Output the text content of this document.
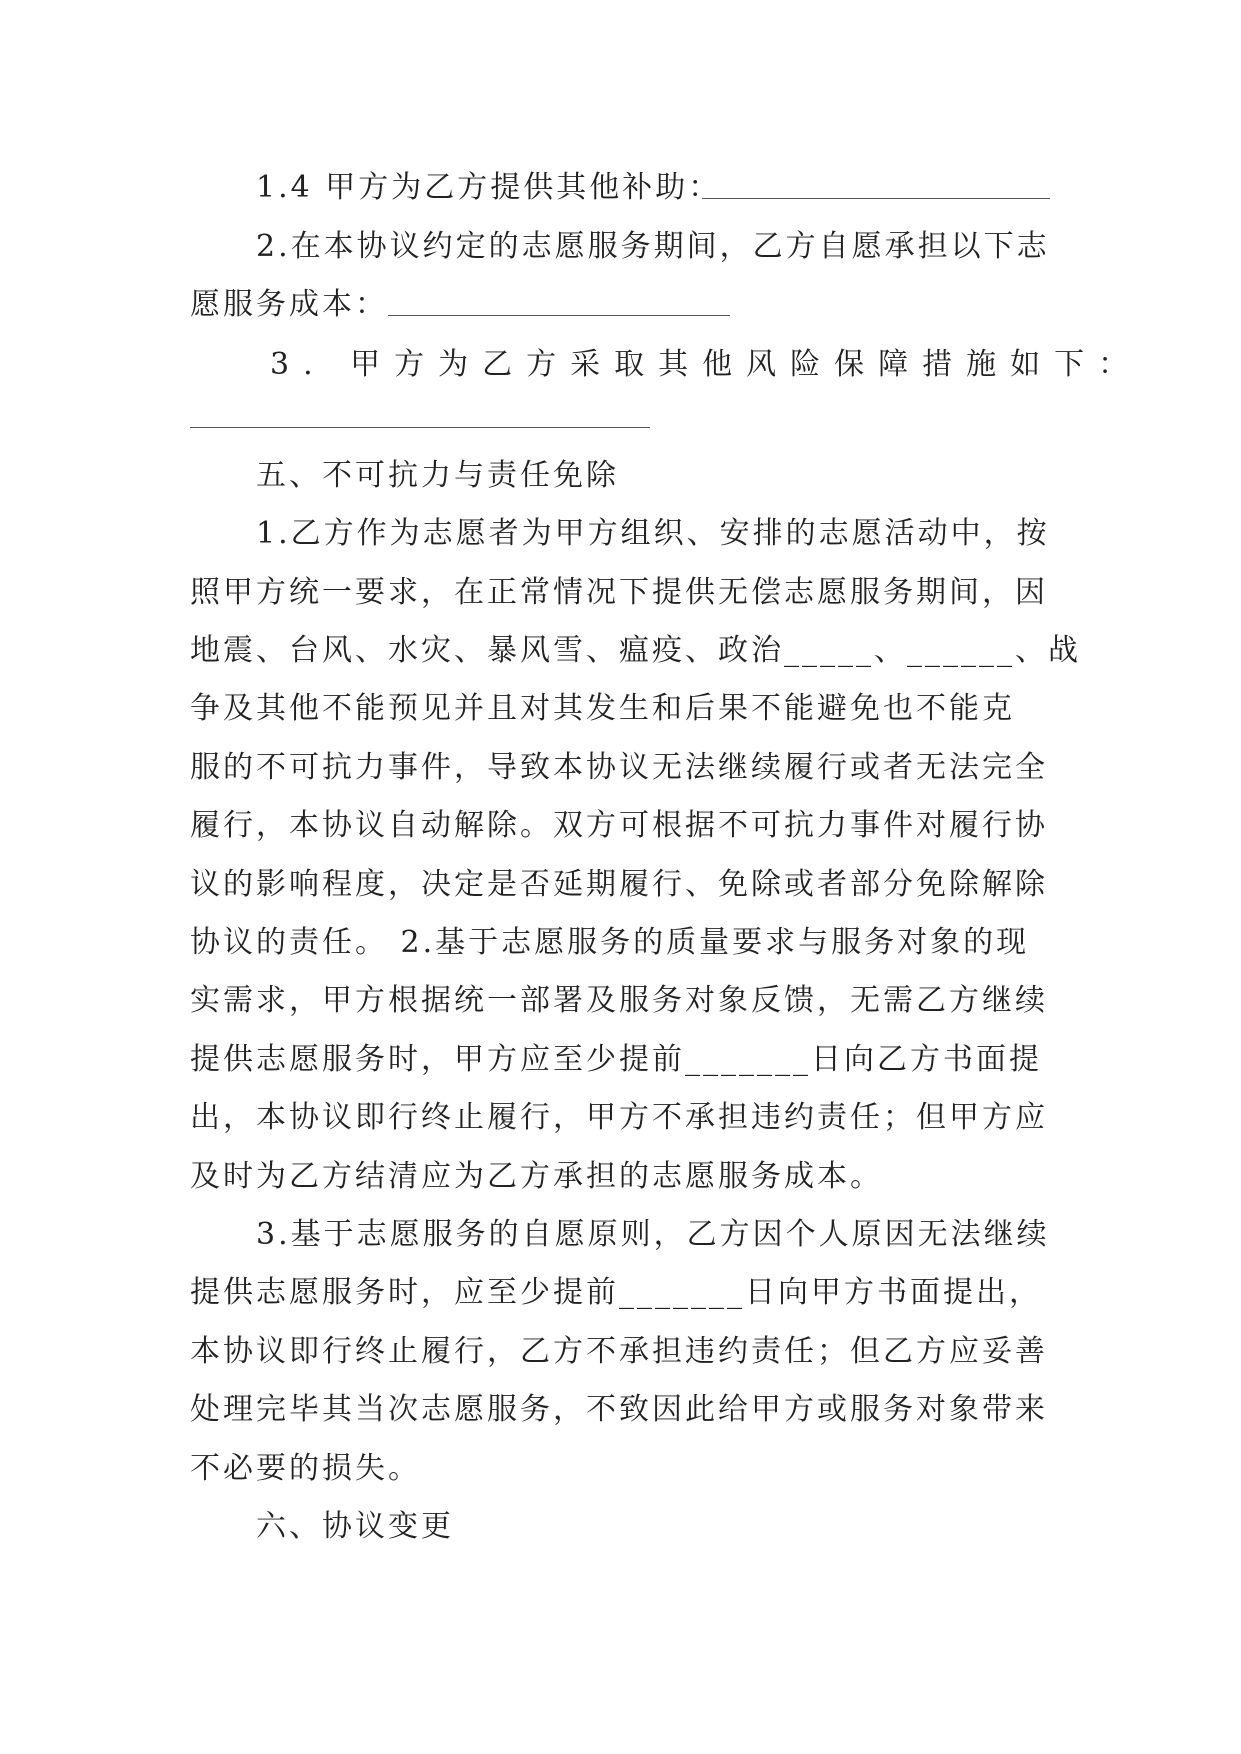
1.4 甲方为乙方提供其他补助：
2.在本协议约定的志愿服务期间，乙方自愿承担以下志
愿服务成本：
3. 甲方为乙方采取其他风险保障措施如下：
五、不可抗力与责任免除
1.乙方作为志愿者为甲方组织、安排的志愿活动中，按
照甲方统一要求，在正常情况下提供无偿志愿服务期间，因
地震、台风、水灾、暴风雪、瘟疫、政治_____、______、战
争及其他不能预见并且对其发生和后果不能避免也不能克
服的不可抗力事件，导致本协议无法继续履行或者无法完全
履行，本协议自动解除。双方可根据不可抗力事件对履行协
议的影响程度，决定是否延期履行、免除或者部分免除解除
协议的责任。 2.基于志愿服务的质量要求与服务对象的现
实需求，甲方根据统一部署及服务对象反馈，无需乙方继续
提供志愿服务时，甲方应至少提前_______日向乙方书面提
出，本协议即行终止履行，甲方不承担违约责任；但甲方应
及时为乙方结清应为乙方承担的志愿服务成本。
3.基于志愿服务的自愿原则，乙方因个人原因无法继续
提供志愿服务时，应至少提前_______日向甲方书面提出，
本协议即行终止履行，乙方不承担违约责任；但乙方应妥善
处理完毕其当次志愿服务，不致因此给甲方或服务对象带来
不必要的损失。
六、协议变更
